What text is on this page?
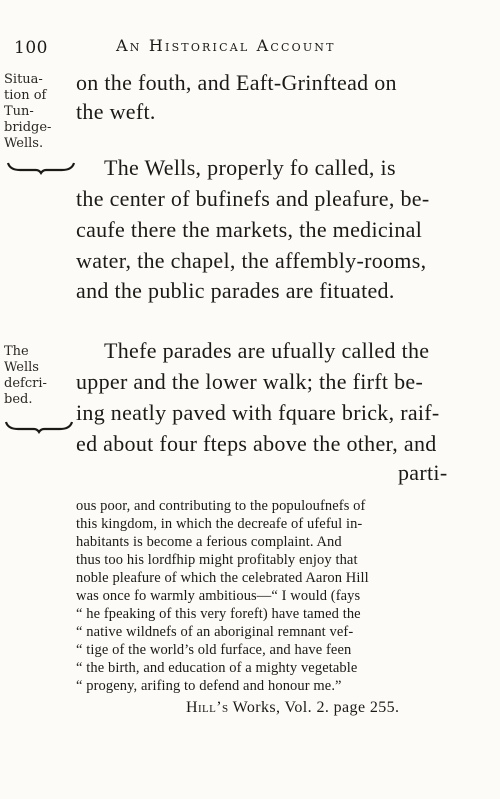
100	An Historical Account
Situa-
tion of
Tun-
bridge-
Wells.
on the fouth, and Eaft-Grinftead on
the weft.
The Wells, properly fo called, is
the center of bufinefs and pleafure, be-
caufe there the markets, the medicinal
water, the chapel, the affembly-rooms,
and the public parades are fituated.
The
Wells
defcri-
bed.
Thefe parades are ufually called the
upper and the lower walk; the firft be-
ing neatly paved with fquare brick, raif-
ed about four fteps above the other, and
parti-
ous poor, and contributing to the populoufnefs of
this kingdom, in which the decreafe of ufeful in-
habitants is become a ferious complaint. And
thus too his lordfhip might profitably enjoy that
noble pleafure of which the celebrated Aaron Hill
was once fo warmly ambitious—“ I would (fays
“ he fpeaking of this very foreft) have tamed the
“ native wildnefs of an aboriginal remnant vef-
“ tige of the world’s old furface, and have feen
“ the birth, and education of a mighty vegetable
“ progeny, arifing to defend and honour me.”
Hill’s Works, Vol. 2. page 255.
